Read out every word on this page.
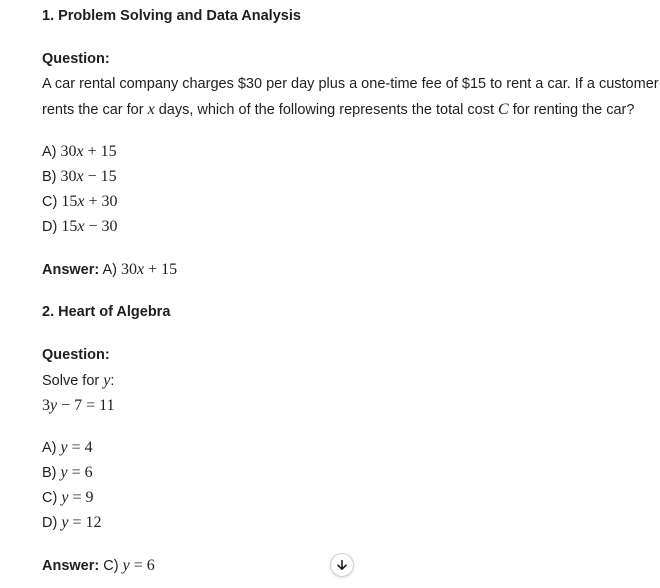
1. Problem Solving and Data Analysis
Question:
A car rental company charges $30 per day plus a one-time fee of $15 to rent a car. If a customer
rents the car for x days, which of the following represents the total cost C for renting the car?
A) 30x + 15
B) 30x − 15
C) 15x + 30
D) 15x − 30
Answer: A) 30x + 15
2. Heart of Algebra
Question:
Solve for y:
3y − 7 = 11
A) y = 4
B) y = 6
C) y = 9
D) y = 12
Answer: C) y = 6
